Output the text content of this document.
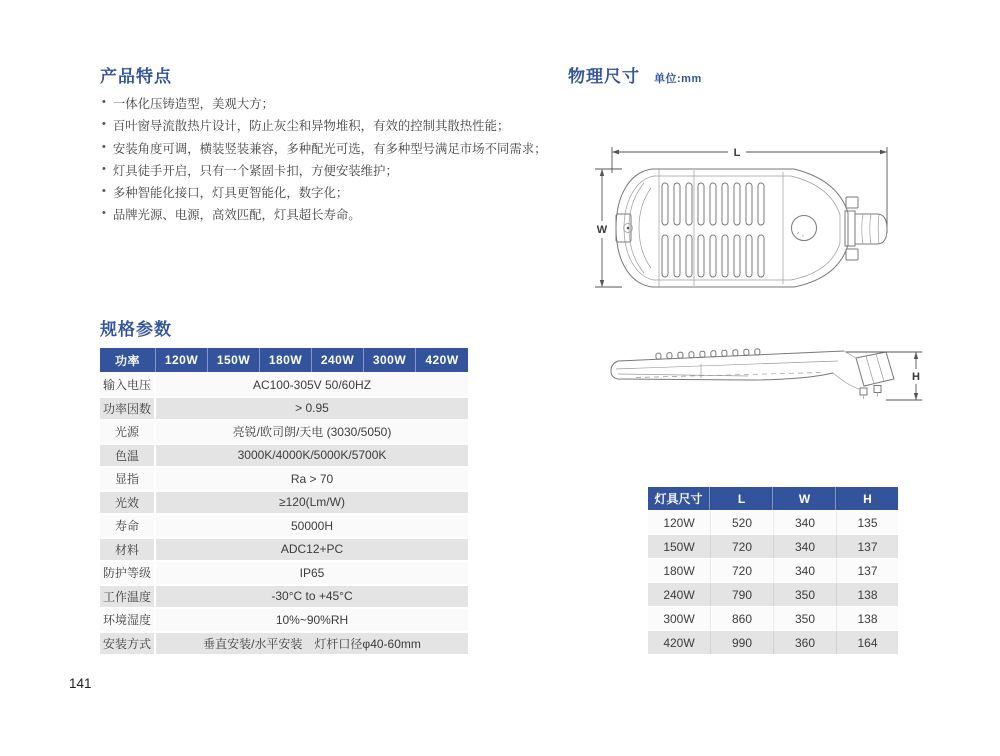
产品特点
• 一体化压铸造型，美观大方；
• 百叶窗导流散热片设计，防止灰尘和异物堆积，有效的控制其散热性能；
• 安装角度可调，横装竖装兼容，多种配光可选，有多种型号满足市场不同需求；
• 灯具徒手开启，只有一个紧固卡扣，方便安装维护；
• 多种智能化接口，灯具更智能化，数字化；
• 品牌光源、电源，高效匹配，灯具超长寿命。
物理尺寸 单位:mm
L
W
H
规格参数
功率	120W	150W	180W	240W	300W	420W
输入电压	AC100-305V 50/60HZ
功率因数	> 0.95
光源	亮锐/欧司朗/天电 (3030/5050)
色温	3000K/4000K/5000K/5700K
显指	Ra > 70
光效	≥120(Lm/W)
寿命	50000H
材料	ADC12+PC
防护等级	IP65
工作温度	-30°C to +45°C
环境湿度	10%~90%RH
安装方式	垂直安装/水平安装　灯杆口径φ40-60mm
灯具尺寸	L	W	H
120W	520	340	135
150W	720	340	137
180W	720	340	137
240W	790	350	138
300W	860	350	138
420W	990	360	164
141
